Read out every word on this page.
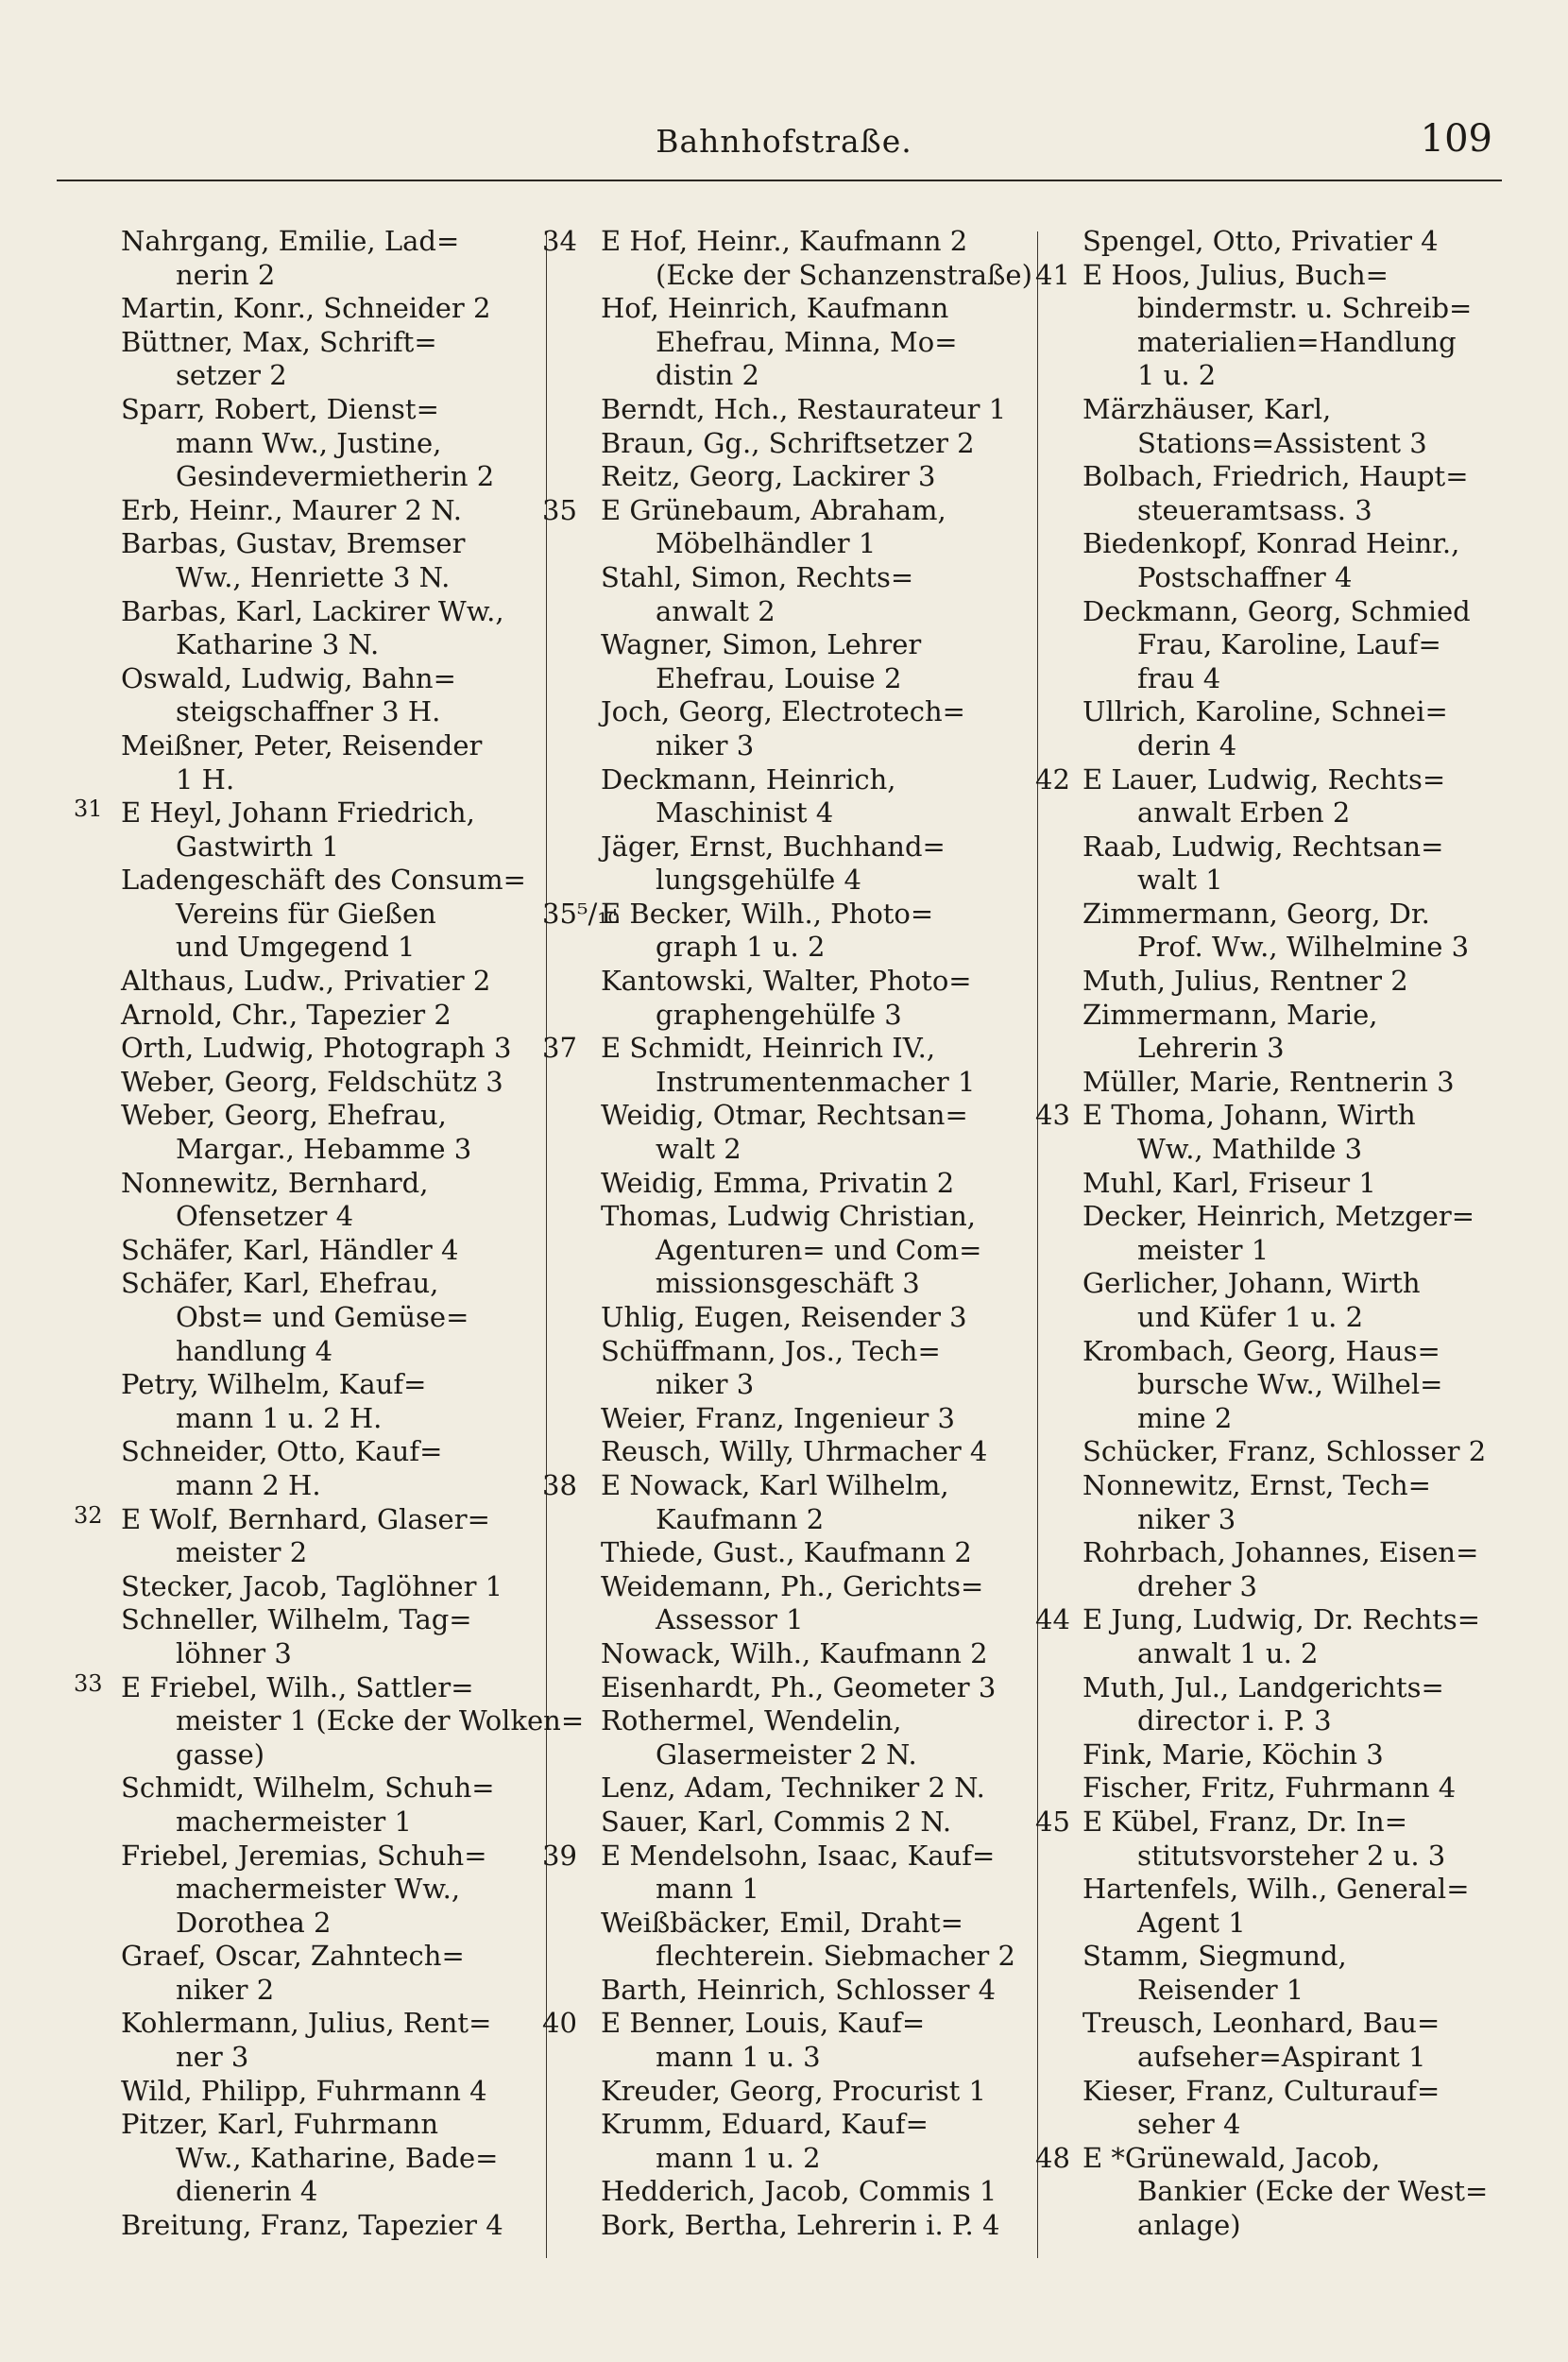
Bahnhofstraße.	109
Nahrgang, Emilie, Lad=
nerin 2
Martin, Konr., Schneider 2
Büttner, Max, Schrift=
setzer 2
Sparr, Robert, Dienst=
mann Ww., Justine,
Gesindevermietherin 2
Erb, Heinr., Maurer 2 N.
Barbas, Gustav, Bremser
Ww., Henriette 3 N.
Barbas, Karl, Lackirer Ww.,
Katharine 3 N.
Oswald, Ludwig, Bahn=
steigschaffner 3 H.
Meißner, Peter, Reisender
1 H.
31 E Heyl, Johann Friedrich,
Gastwirth 1
Ladengeschäft des Consum=
Vereins für Gießen
und Umgegend 1
Althaus, Ludw., Privatier 2
Arnold, Chr., Tapezier 2
Orth, Ludwig, Photograph 3
Weber, Georg, Feldschütz 3
Weber, Georg, Ehefrau,
Margar., Hebamme 3
Nonnewitz, Bernhard,
Ofensetzer 4
Schäfer, Karl, Händler 4
Schäfer, Karl, Ehefrau,
Obst= und Gemüse=
handlung 4
Petry, Wilhelm, Kauf=
mann 1 u. 2 H.
Schneider, Otto, Kauf=
mann 2 H.
32 E Wolf, Bernhard, Glaser=
meister 2
Stecker, Jacob, Taglöhner 1
Schneller, Wilhelm, Tag=
löhner 3
33 E Friebel, Wilh., Sattler=
meister 1 (Ecke der Wolken=
gasse)
Schmidt, Wilhelm, Schuh=
machermeister 1
Friebel, Jeremias, Schuh=
machermeister Ww.,
Dorothea 2
Graef, Oscar, Zahntech=
niker 2
Kohlermann, Julius, Rent=
ner 3
Wild, Philipp, Fuhrmann 4
Pitzer, Karl, Fuhrmann
Ww., Katharine, Bade=
dienerin 4
Breitung, Franz, Tapezier 4
34 E Hof, Heinr., Kaufmann 2
(Ecke der Schanzenstraße)
Hof, Heinrich, Kaufmann
Ehefrau, Minna, Mo=
distin 2
Berndt, Hch., Restaurateur 1
Braun, Gg., Schriftsetzer 2
Reitz, Georg, Lackirer 3
35 E Grünebaum, Abraham,
Möbelhändler 1
Stahl, Simon, Rechts=
anwalt 2
Wagner, Simon, Lehrer
Ehefrau, Louise 2
Joch, Georg, Electrotech=
niker 3
Deckmann, Heinrich,
Maschinist 4
Jäger, Ernst, Buchhand=
lungsgehülfe 4
35⁵/₁₀
E Becker, Wilh., Photo=
graph 1 u. 2
Kantowski, Walter, Photo=
graphengehülfe 3
37 E Schmidt, Heinrich IV.,
Instrumentenmacher 1
Weidig, Otmar, Rechtsan=
walt 2
Weidig, Emma, Privatin 2
Thomas, Ludwig Christian,
Agenturen= und Com=
missionsgeschäft 3
Uhlig, Eugen, Reisender 3
Schüffmann, Jos., Tech=
niker 3
Weier, Franz, Ingenieur 3
Reusch, Willy, Uhrmacher 4
38 E Nowack, Karl Wilhelm,
Kaufmann 2
Thiede, Gust., Kaufmann 2
Weidemann, Ph., Gerichts=
Assessor 1
Nowack, Wilh., Kaufmann 2
Eisenhardt, Ph., Geometer 3
Rothermel, Wendelin,
Glasermeister 2 N.
Lenz, Adam, Techniker 2 N.
Sauer, Karl, Commis 2 N.
39 E Mendelsohn, Isaac, Kauf=
mann 1
Weißbäcker, Emil, Draht=
flechterein. Siebmacher 2
Barth, Heinrich, Schlosser 4
40 E Benner, Louis, Kauf=
mann 1 u. 3
Kreuder, Georg, Procurist 1
Krumm, Eduard, Kauf=
mann 1 u. 2
Hedderich, Jacob, Commis 1
Bork, Bertha, Lehrerin i. P. 4
Spengel, Otto, Privatier 4
41 E Hoos, Julius, Buch=
bindermstr. u. Schreib=
materialien=Handlung
1 u. 2
Märzhäuser, Karl,
Stations=Assistent 3
Bolbach, Friedrich, Haupt=
steueramtsass. 3
Biedenkopf, Konrad Heinr.,
Postschaffner 4
Deckmann, Georg, Schmied
Frau, Karoline, Lauf=
frau 4
Ullrich, Karoline, Schnei=
derin 4
42 E Lauer, Ludwig, Rechts=
anwalt Erben 2
Raab, Ludwig, Rechtsan=
walt 1
Zimmermann, Georg, Dr.
Prof. Ww., Wilhelmine 3
Muth, Julius, Rentner 2
Zimmermann, Marie,
Lehrerin 3
Müller, Marie, Rentnerin 3
43 E Thoma, Johann, Wirth
Ww., Mathilde 3
Muhl, Karl, Friseur 1
Decker, Heinrich, Metzger=
meister 1
Gerlicher, Johann, Wirth
und Küfer 1 u. 2
Krombach, Georg, Haus=
bursche Ww., Wilhel=
mine 2
Schücker, Franz, Schlosser 2
Nonnewitz, Ernst, Tech=
niker 3
Rohrbach, Johannes, Eisen=
dreher 3
44 E Jung, Ludwig, Dr. Rechts=
anwalt 1 u. 2
Muth, Jul., Landgerichts=
director i. P. 3
Fink, Marie, Köchin 3
Fischer, Fritz, Fuhrmann 4
45 E Kübel, Franz, Dr. In=
stitutsvorsteher 2 u. 3
Hartenfels, Wilh., General=
Agent 1
Stamm, Siegmund,
Reisender 1
Treusch, Leonhard, Bau=
aufseher=Aspirant 1
Kieser, Franz, Culturauf=
seher 4
48 E *Grünewald, Jacob,
Bankier (Ecke der West=
anlage)
